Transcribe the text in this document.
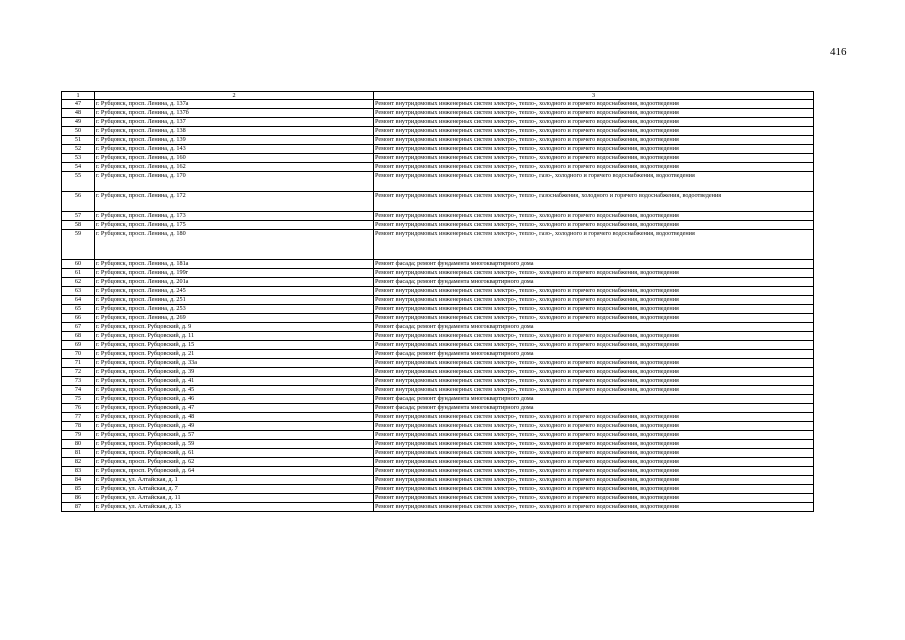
416
1	2	3
47	г. Рубцовск, просп. Ленина, д. 137а	Ремонт внутридомовых инженерных систем электро-, тепло-, холодного и горячего водоснабжения, водоотведения
48	г. Рубцовск, просп. Ленина, д. 137б	Ремонт внутридомовых инженерных систем электро-, тепло-, холодного и горячего водоснабжения, водоотведения
49	г. Рубцовск, просп. Ленина, д. 137	Ремонт внутридомовых инженерных систем электро-, тепло-, холодного и горячего водоснабжения, водоотведения
50	г. Рубцовск, просп. Ленина, д. 138	Ремонт внутридомовых инженерных систем электро-, тепло-, холодного и горячего водоснабжения, водоотведения
51	г. Рубцовск, просп. Ленина, д. 139	Ремонт внутридомовых инженерных систем электро-, тепло-, холодного и горячего водоснабжения, водоотведения
52	г. Рубцовск, просп. Ленина, д. 143	Ремонт внутридомовых инженерных систем электро-, тепло-, холодного и горячего водоснабжения, водоотведения
53	г. Рубцовск, просп. Ленина, д. 160	Ремонт внутридомовых инженерных систем электро-, тепло-, холодного и горячего водоснабжения, водоотведения
54	г. Рубцовск, просп. Ленина, д. 162	Ремонт внутридомовых инженерных систем электро-, тепло-, холодного и горячего водоснабжения, водоотведения
55	г. Рубцовск, просп. Ленина, д. 170	Ремонт внутридомовых инженерных систем электро-, тепло-, газо-, холодного и горячего водоснабжения, водоотведения
56	г. Рубцовск, просп. Ленина, д. 172	Ремонт внутридомовых инженерных систем электро-, тепло-, газоснабжения, холодного и горячего водоснабжения, водоотведения
57	г. Рубцовск, просп. Ленина, д. 173	Ремонт внутридомовых инженерных систем электро-, тепло-, холодного и горячего водоснабжения, водоотведения
58	г. Рубцовск, просп. Ленина, д. 175	Ремонт внутридомовых инженерных систем электро-, тепло-, холодного и горячего водоснабжения, водоотведения
59	г. Рубцовск, просп. Ленина, д. 180	Ремонт внутридомовых инженерных систем электро-, тепло-, газо-, холодного и горячего водоснабжения, водоотведения
60	г. Рубцовск, просп. Ленина, д. 181а	Ремонт фасада; ремонт фундамента многоквартирного дома
61	г. Рубцовск, просп. Ленина, д. 199г	Ремонт внутридомовых инженерных систем электро-, тепло-, холодного и горячего водоснабжения, водоотведения
62	г. Рубцовск, просп. Ленина, д. 201а	Ремонт фасада; ремонт фундамента многоквартирного дома
63	г. Рубцовск, просп. Ленина, д. 245	Ремонт внутридомовых инженерных систем электро-, тепло-, холодного и горячего водоснабжения, водоотведения
64	г. Рубцовск, просп. Ленина, д. 251	Ремонт внутридомовых инженерных систем электро-, тепло-, холодного и горячего водоснабжения, водоотведения
65	г. Рубцовск, просп. Ленина, д. 253	Ремонт внутридомовых инженерных систем электро-, тепло-, холодного и горячего водоснабжения, водоотведения
66	г. Рубцовск, просп. Ленина, д. 269	Ремонт внутридомовых инженерных систем электро-, тепло-, холодного и горячего водоснабжения, водоотведения
67	г. Рубцовск, просп. Рубцовский, д. 9	Ремонт фасада; ремонт фундамента многоквартирного дома
68	г. Рубцовск, просп. Рубцовский, д. 11	Ремонт внутридомовых инженерных систем электро-, тепло-, холодного и горячего водоснабжения, водоотведения
69	г. Рубцовск, просп. Рубцовский, д. 15	Ремонт внутридомовых инженерных систем электро-, тепло-, холодного и горячего водоснабжения, водоотведения
70	г. Рубцовск, просп. Рубцовский, д. 21	Ремонт фасада; ремонт фундамента многоквартирного дома
71	г. Рубцовск, просп. Рубцовский, д. 33а	Ремонт внутридомовых инженерных систем электро-, тепло-, холодного и горячего водоснабжения, водоотведения
72	г. Рубцовск, просп. Рубцовский, д. 39	Ремонт внутридомовых инженерных систем электро-, тепло-, холодного и горячего водоснабжения, водоотведения
73	г. Рубцовск, просп. Рубцовский, д. 41	Ремонт внутридомовых инженерных систем электро-, тепло-, холодного и горячего водоснабжения, водоотведения
74	г. Рубцовск, просп. Рубцовский, д. 45	Ремонт внутридомовых инженерных систем электро-, тепло-, холодного и горячего водоснабжения, водоотведения
75	г. Рубцовск, просп. Рубцовский, д. 46	Ремонт фасада; ремонт фундамента многоквартирного дома
76	г. Рубцовск, просп. Рубцовский, д. 47	Ремонт фасада; ремонт фундамента многоквартирного дома
77	г. Рубцовск, просп. Рубцовский, д. 48	Ремонт внутридомовых инженерных систем электро-, тепло-, холодного и горячего водоснабжения, водоотведения
78	г. Рубцовск, просп. Рубцовский, д. 49	Ремонт внутридомовых инженерных систем электро-, тепло-, холодного и горячего водоснабжения, водоотведения
79	г. Рубцовск, просп. Рубцовский, д. 57	Ремонт внутридомовых инженерных систем электро-, тепло-, холодного и горячего водоснабжения, водоотведения
80	г. Рубцовск, просп. Рубцовский, д. 59	Ремонт внутридомовых инженерных систем электро-, тепло-, холодного и горячего водоснабжения, водоотведения
81	г. Рубцовск, просп. Рубцовский, д. 61	Ремонт внутридомовых инженерных систем электро-, тепло-, холодного и горячего водоснабжения, водоотведения
82	г. Рубцовск, просп. Рубцовский, д. 62	Ремонт внутридомовых инженерных систем электро-, тепло-, холодного и горячего водоснабжения, водоотведения
83	г. Рубцовск, просп. Рубцовский, д. 64	Ремонт внутридомовых инженерных систем электро-, тепло-, холодного и горячего водоснабжения, водоотведения
84	г. Рубцовск, ул. Алтайская, д. 1	Ремонт внутридомовых инженерных систем электро-, тепло-, холодного и горячего водоснабжения, водоотведения
85	г. Рубцовск, ул. Алтайская, д. 7	Ремонт внутридомовых инженерных систем электро-, тепло-, холодного и горячего водоснабжения, водоотведения
86	г. Рубцовск, ул. Алтайская, д. 11	Ремонт внутридомовых инженерных систем электро-, тепло-, холодного и горячего водоснабжения, водоотведения
87	г. Рубцовск, ул. Алтайская, д. 13	Ремонт внутридомовых инженерных систем электро-, тепло-, холодного и горячего водоснабжения, водоотведения
